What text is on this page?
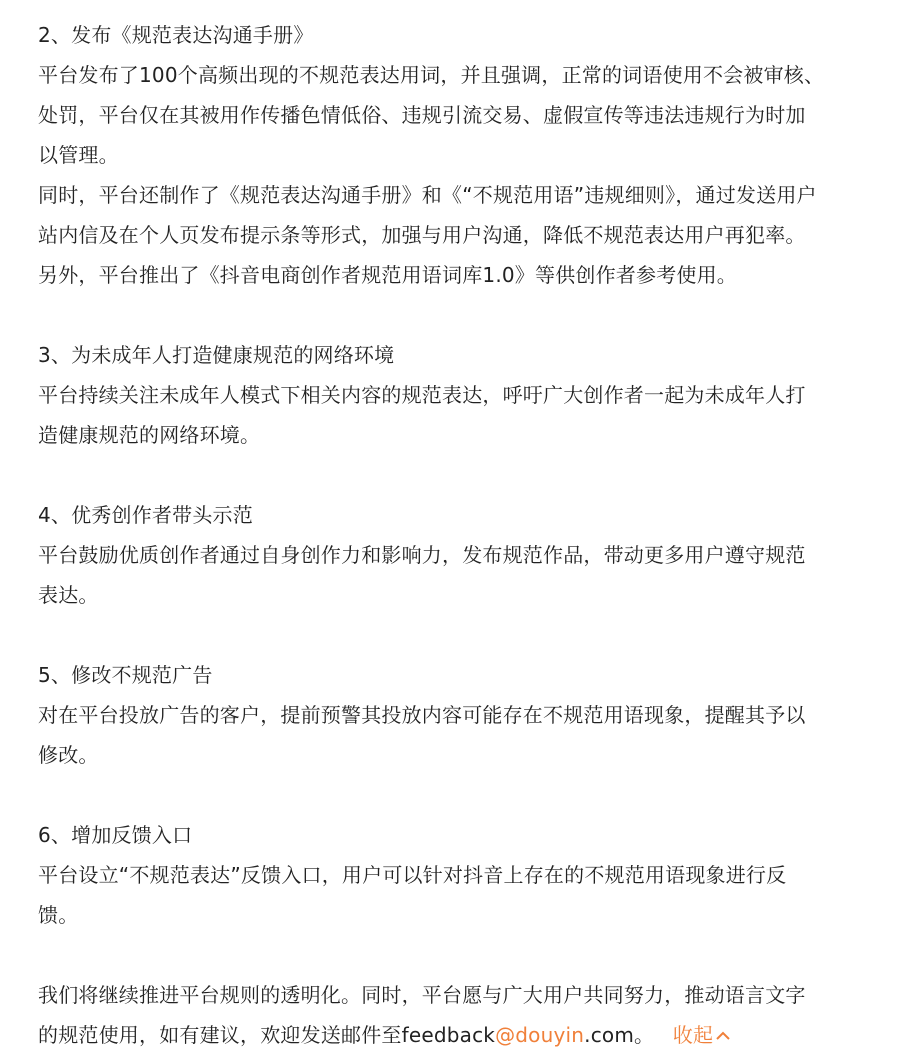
2、发布《规范表达沟通手册》
平台发布了100个高频出现的不规范表达用词，并且强调，正常的词语使用不会被审核、
处罚，平台仅在其被用作传播色情低俗、违规引流交易、虚假宣传等违法违规行为时加
以管理。
同时，平台还制作了《规范表达沟通手册》和《“不规范用语”违规细则》，通过发送用户
站内信及在个人页发布提示条等形式，加强与用户沟通，降低不规范表达用户再犯率。
另外，平台推出了《抖音电商创作者规范用语词库1.0》等供创作者参考使用。
3、为未成年人打造健康规范的网络环境
平台持续关注未成年人模式下相关内容的规范表达，呼吁广大创作者一起为未成年人打
造健康规范的网络环境。
4、优秀创作者带头示范
平台鼓励优质创作者通过自身创作力和影响力，发布规范作品，带动更多用户遵守规范
表达。
5、修改不规范广告
对在平台投放广告的客户，提前预警其投放内容可能存在不规范用语现象，提醒其予以
修改。
6、增加反馈入口
平台设立“不规范表达”反馈入口，用户可以针对抖音上存在的不规范用语现象进行反
馈。
我们将继续推进平台规则的透明化。同时，平台愿与广大用户共同努力，推动语言文字
的规范使用，如有建议，欢迎发送邮件至feedback@douyin.com。 收起
